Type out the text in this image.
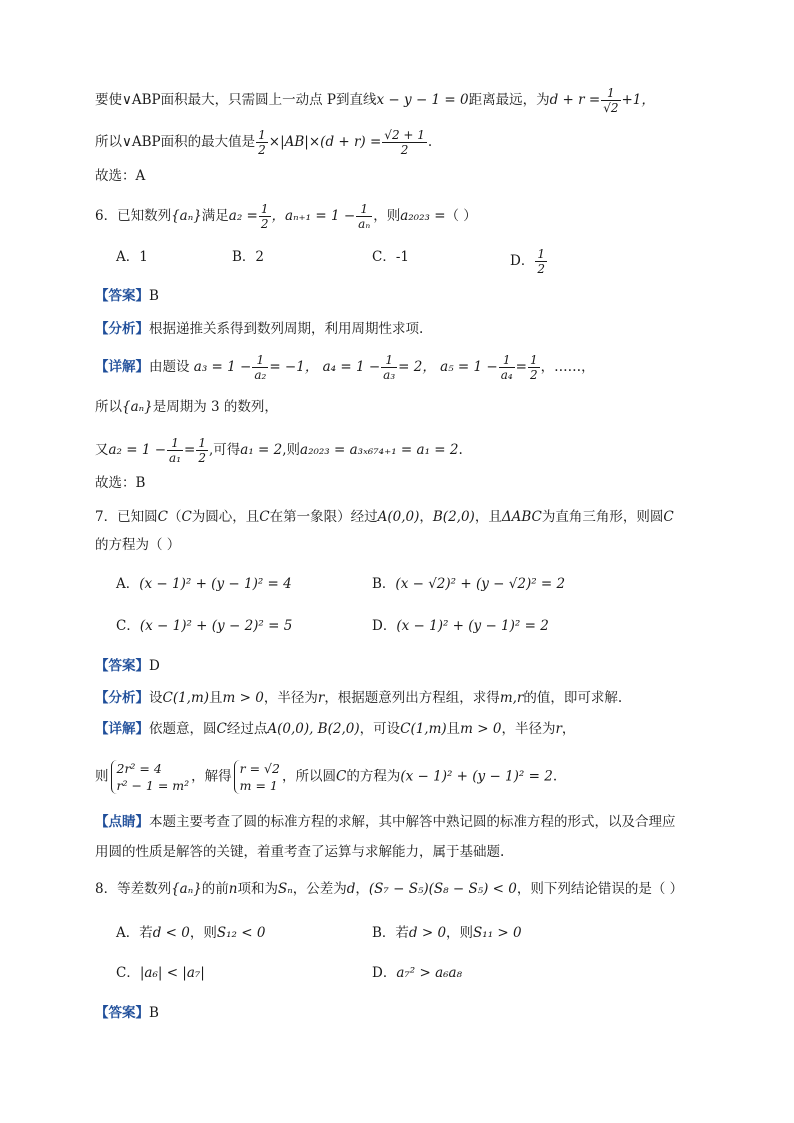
要使∨ABP面积最大，只需圆上一动点 P到直线x − y − 1 = 0距离最远，为$d + r = \frac{1}{√2} +1$，
所以∨ABP面积的最大值是 $\frac{1}{2} \times|AB|\times(d + r) = \frac{√2 + 1}{2}$ .
故选：A
6．已知数列{aₙ}满足$a_2 = \frac{1}{2}$ ，$a_{n+1} = 1 - \frac{1}{\text{aₙ}}$ ，则a₂₀₂₃ =（ ）
A．1	B．2	C．-1	D． $\frac{1}{2}$
【答案】B
【分析】根据递推关系得到数列周期，利用周期性求项.
【详解】由题设 $a_3 = 1 - \frac{1}{\text{a₂}} = -1$， $a_4 = 1 - \frac{1}{\text{a₃}} = 2$， $a_5 = 1 - \frac{1}{\text{a₄}} = \frac{1}{2}$ ，……，
所以{aₙ}是周期为 3 的数列，
又$a_2 = 1 - \frac{1}{\text{a₁}} = \frac{1}{2}$ ,可得a₁ = 2,则a₂₀₂₃ = a₃ₓ₆₇₄₊₁ = a₁ = 2.
故选：B
7．已知圆C（C为圆心，且C在第一象限）经过A(0,0)，B(2,0)，且ΔABC为直角三角形，则圆C
的方程为（ ）
A．(x − 1)² + (y − 1)² = 4	B．(x − √2)² + (y − √2)² = 2
C．(x − 1)² + (y − 2)² = 5	D．(x − 1)² + (y − 1)² = 2
【答案】D
【分析】设C(1,m)且m > 0，半径为r，根据题意列出方程组，求得m,r的值，即可求解.
【详解】依题意，圆C经过点A(0,0), B(2,0)，可设C(1,m)且m > 0，半径为r，
则 2r² = 4
r² − 1 = m²
，解得 r = √2
m = 1
，所以圆C的方程为(x − 1)² + (y − 1)² = 2.
【点睛】本题主要考查了圆的标准方程的求解，其中解答中熟记圆的标准方程的形式，以及合理应
用圆的性质是解答的关键，着重考查了运算与求解能力，属于基础题.
8．等差数列{aₙ}的前n项和为Sₙ，公差为d，(S₇ − S₅)(S₈ − S₅) < 0，则下列结论错误的是（ ）
A．若d < 0，则S₁₂ < 0	B．若d > 0，则S₁₁ > 0
C．|a₆| < |a₇|	D．a₇² > a₆a₈
【答案】B
